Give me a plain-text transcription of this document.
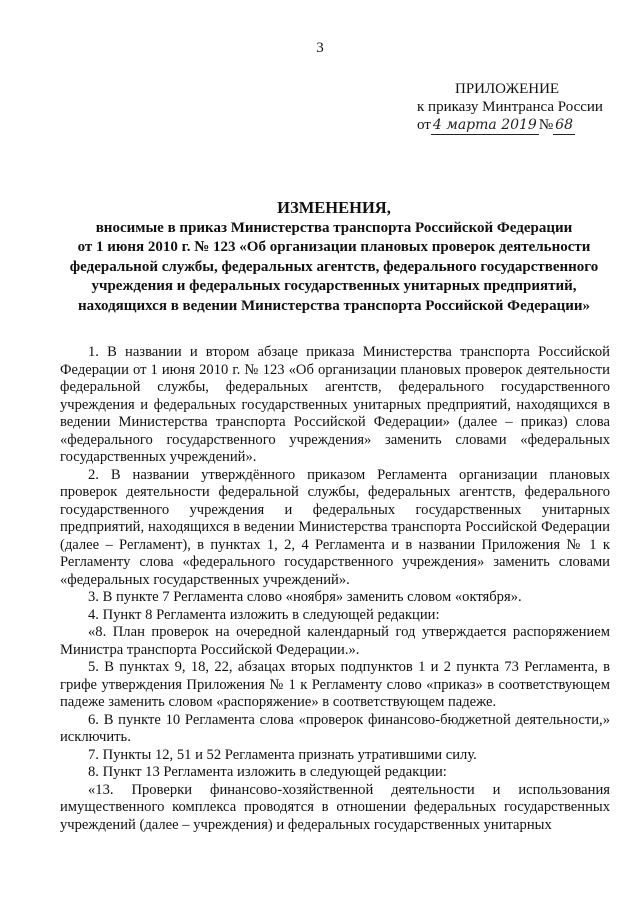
3
ПРИЛОЖЕНИЕ
к приказу Минтранса России
от 4 марта 2019 № 68
ИЗМЕНЕНИЯ,
вносимые в приказ Министерства транспорта Российской Федерации
от 1 июня 2010 г. № 123 «Об организации плановых проверок деятельности
федеральной службы, федеральных агентств, федерального государственного
учреждения и федеральных государственных унитарных предприятий,
находящихся в ведении Министерства транспорта Российской Федерации»

1. В названии и втором абзаце приказа Министерства транспорта Российской Федерации от 1 июня 2010 г. № 123 «Об организации плановых проверок деятельности федеральной службы, федеральных агентств, федерального государственного учреждения и федеральных государственных унитарных предприятий, находящихся в ведении Министерства транспорта Российской Федерации» (далее – приказ) слова «федерального государственного учреждения» заменить словами «федеральных государственных учреждений».

2. В названии утверждённого приказом Регламента организации плановых проверок деятельности федеральной службы, федеральных агентств, федерального государственного учреждения и федеральных государственных унитарных предприятий, находящихся в ведении Министерства транспорта Российской Федерации (далее – Регламент), в пунктах 1, 2, 4 Регламента и в названии Приложения № 1 к Регламенту слова «федерального государственного учреждения» заменить словами «федеральных государственных учреждений».

3. В пункте 7 Регламента слово «ноября» заменить словом «октября».

4. Пункт 8 Регламента изложить в следующей редакции:

«8. План проверок на очередной календарный год утверждается распоряжением Министра транспорта Российской Федерации.».

5. В пунктах 9, 18, 22, абзацах вторых подпунктов 1 и 2 пункта 73 Регламента, в грифе утверждения Приложения № 1 к Регламенту слово «приказ» в соответствующем падеже заменить словом «распоряжение» в соответствующем падеже.

6. В пункте 10 Регламента слова «проверок финансово-бюджетной деятельности,» исключить.

7. Пункты 12, 51 и 52 Регламента признать утратившими силу.

8. Пункт 13 Регламента изложить в следующей редакции:

«13. Проверки финансово-хозяйственной деятельности и использования имущественного комплекса проводятся в отношении федеральных государственных учреждений (далее – учреждения) и федеральных государственных унитарных
